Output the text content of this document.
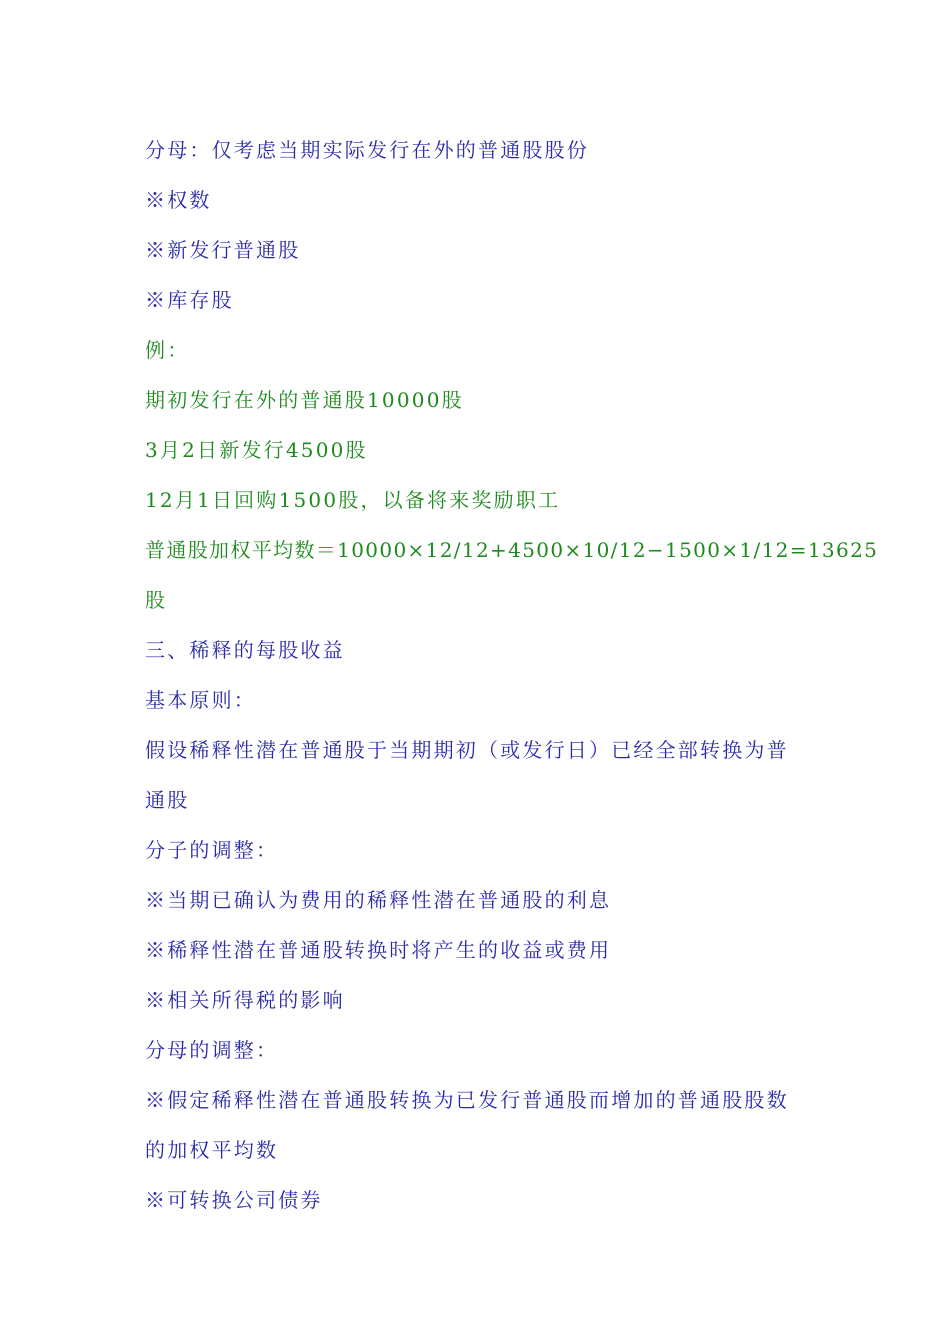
分母：仅考虑当期实际发行在外的普通股股份
※权数
※新发行普通股
※库存股
例：
期初发行在外的普通股10000股
3月2日新发行4500股
12月1日回购1500股，以备将来奖励职工
普通股加权平均数＝10000×12/12+4500×10/12−1500×1/12=13625
股
三、稀释的每股收益
基本原则：
假设稀释性潜在普通股于当期期初（或发行日）已经全部转换为普
通股
分子的调整：
※当期已确认为费用的稀释性潜在普通股的利息
※稀释性潜在普通股转换时将产生的收益或费用
※相关所得税的影响
分母的调整：
※假定稀释性潜在普通股转换为已发行普通股而增加的普通股股数
的加权平均数
※可转换公司债券
